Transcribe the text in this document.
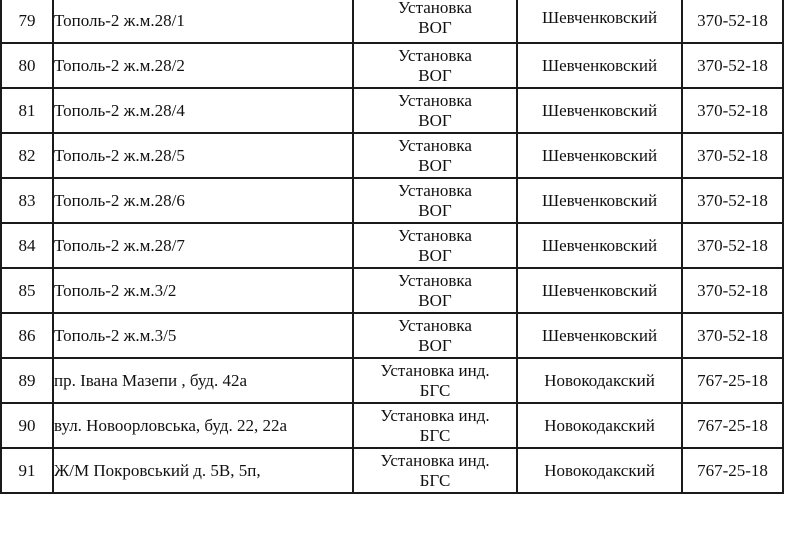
79	Тополь-2 ж.м.28/1	Установка
ВОГ	Шевченковский	370-52-18
80	Тополь-2 ж.м.28/2	Установка
ВОГ	Шевченковский	370-52-18
81	Тополь-2 ж.м.28/4	Установка
ВОГ	Шевченковский	370-52-18
82	Тополь-2 ж.м.28/5	Установка
ВОГ	Шевченковский	370-52-18
83	Тополь-2 ж.м.28/6	Установка
ВОГ	Шевченковский	370-52-18
84	Тополь-2 ж.м.28/7	Установка
ВОГ	Шевченковский	370-52-18
85	Тополь-2 ж.м.3/2	Установка
ВОГ	Шевченковский	370-52-18
86	Тополь-2 ж.м.3/5	Установка
ВОГ	Шевченковский	370-52-18
89	пр. Івана Мазепи , буд. 42а	Установка инд.
БГС	Новокодакский	767-25-18
90	вул. Новоорловська, буд. 22, 22а	Установка инд.
БГС	Новокодакский	767-25-18
91	Ж/М Покровський д. 5В, 5п,	Установка инд.
БГС	Новокодакский	767-25-18
